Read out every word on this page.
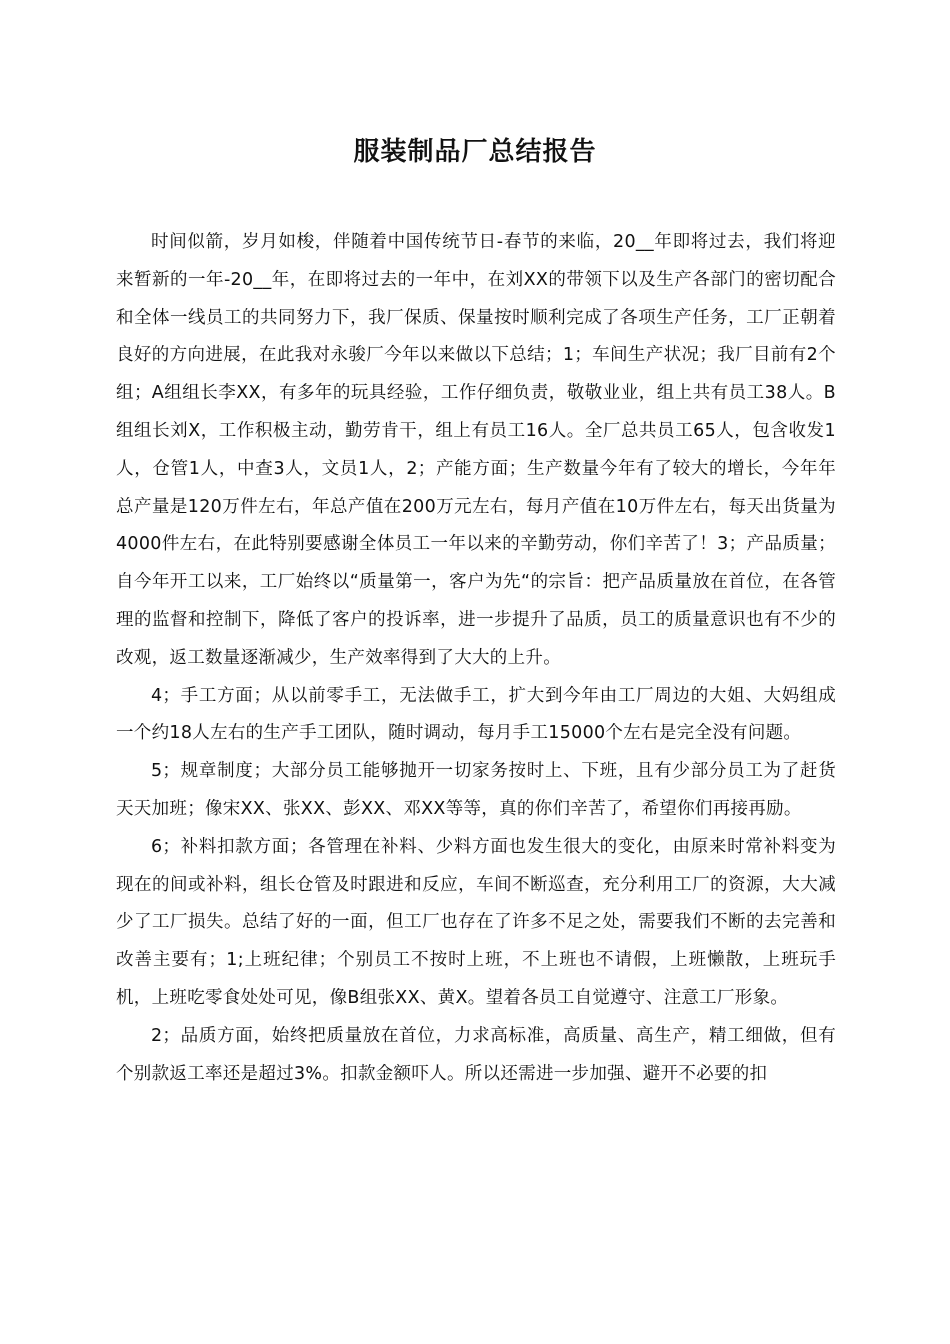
服装制品厂总结报告

时间似箭，岁月如梭，伴随着中国传统节日-春节的来临，20__年即将过去，我们将迎来暂新的一年-20__年，在即将过去的一年中，在刘XX的带领下以及生产各部门的密切配合和全体一线员工的共同努力下，我厂保质、保量按时顺利完成了各项生产任务，工厂正朝着良好的方向进展，在此我对永骏厂今年以来做以下总结；1；车间生产状况；我厂目前有2个组；A组组长李XX，有多年的玩具经验，工作仔细负责，敬敬业业，组上共有员工38人。B组组长刘X，工作积极主动，勤劳肯干，组上有员工16人。全厂总共员工65人，包含收发1人，仓管1人，中查3人，文员1人，2；产能方面；生产数量今年有了较大的增长，今年年总产量是120万件左右，年总产值在200万元左右，每月产值在10万件左右，每天出货量为4000件左右，在此特别要感谢全体员工一年以来的辛勤劳动，你们辛苦了！3；产品质量；自今年开工以来，工厂始终以“质量第一，客户为先“的宗旨：把产品质量放在首位，在各管理的监督和控制下，降低了客户的投诉率，进一步提升了品质，员工的质量意识也有不少的改观，返工数量逐渐减少，生产效率得到了大大的上升。

4；手工方面；从以前零手工，无法做手工，扩大到今年由工厂周边的大姐、大妈组成一个约18人左右的生产手工团队，随时调动，每月手工15000个左右是完全没有问题。

5；规章制度；大部分员工能够抛开一切家务按时上、下班，且有少部分员工为了赶货天天加班；像宋XX、张XX、彭XX、邓XX等等，真的你们辛苦了，希望你们再接再励。

6；补料扣款方面；各管理在补料、少料方面也发生很大的变化，由原来时常补料变为现在的间或补料，组长仓管及时跟进和反应，车间不断巡查，充分利用工厂的资源，大大减少了工厂损失。总结了好的一面，但工厂也存在了许多不足之处，需要我们不断的去完善和改善主要有；1;上班纪律；个别员工不按时上班，不上班也不请假，上班懒散，上班玩手机，上班吃零食处处可见，像B组张XX、黄X。望着各员工自觉遵守、注意工厂形象。

2；品质方面，始终把质量放在首位，力求高标准，高质量、高生产，精工细做，但有个别款返工率还是超过3%。扣款金额吓人。所以还需进一步加强、避开不必要的扣
